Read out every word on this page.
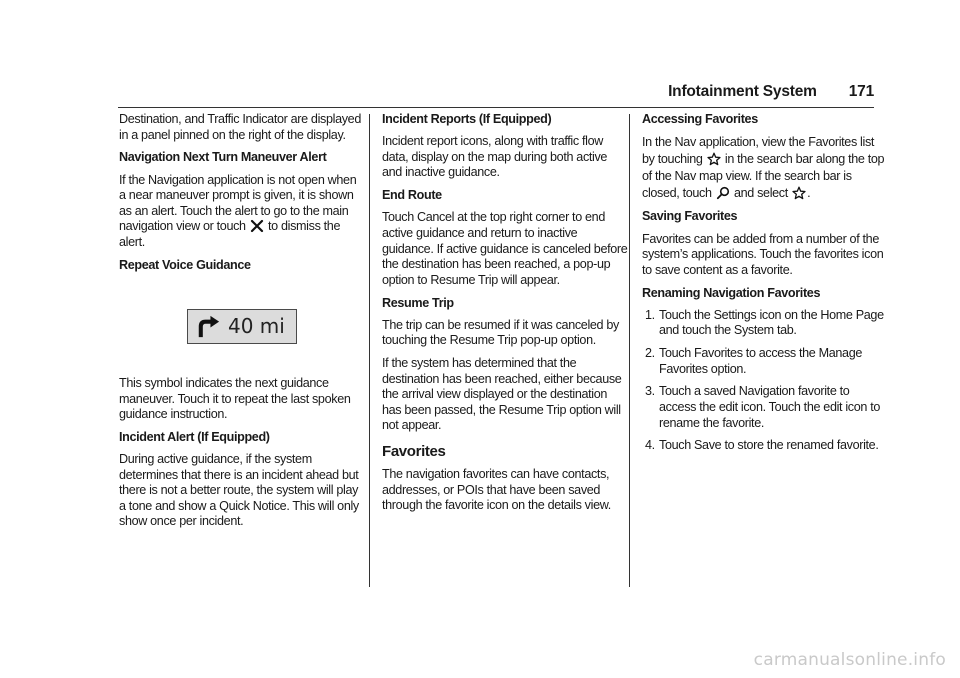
Infotainment System 171

Destination, and Traffic Indicator are displayed in a panel pinned on the right of the display.

Navigation Next Turn Maneuver Alert

If the Navigation application is not open when a near maneuver prompt is given, it is shown as an alert. Touch the alert to go to the main navigation view or touch to dismiss the alert.

Repeat Voice Guidance

40 mi

This symbol indicates the next guidance maneuver. Touch it to repeat the last spoken guidance instruction.

Incident Alert (If Equipped)

During active guidance, if the system determines that there is an incident ahead but there is not a better route, the system will play a tone and show a Quick Notice. This will only show once per incident.

Incident Reports (If Equipped)

Incident report icons, along with traffic flow data, display on the map during both active and inactive guidance.

End Route

Touch Cancel at the top right corner to end active guidance and return to inactive guidance. If active guidance is canceled before the destination has been reached, a pop-up option to Resume Trip will appear.

Resume Trip

The trip can be resumed if it was canceled by touching the Resume Trip pop-up option.

If the system has determined that the destination has been reached, either because the arrival view displayed or the destination has been passed, the Resume Trip option will not appear.

Favorites

The navigation favorites can have contacts, addresses, or POIs that have been saved through the favorite icon on the details view.

Accessing Favorites

In the Nav application, view the Favorites list by touching in the search bar along the top of the Nav map view. If the search bar is closed, touch and select .

Saving Favorites

Favorites can be added from a number of the system’s applications. Touch the favorites icon to save content as a favorite.

Renaming Navigation Favorites

1. Touch the Settings icon on the Home Page and touch the System tab.
2. Touch Favorites to access the Manage Favorites option.
3. Touch a saved Navigation favorite to access the edit icon. Touch the edit icon to rename the favorite.
4. Touch Save to store the renamed favorite.
carmanualsonline.info
